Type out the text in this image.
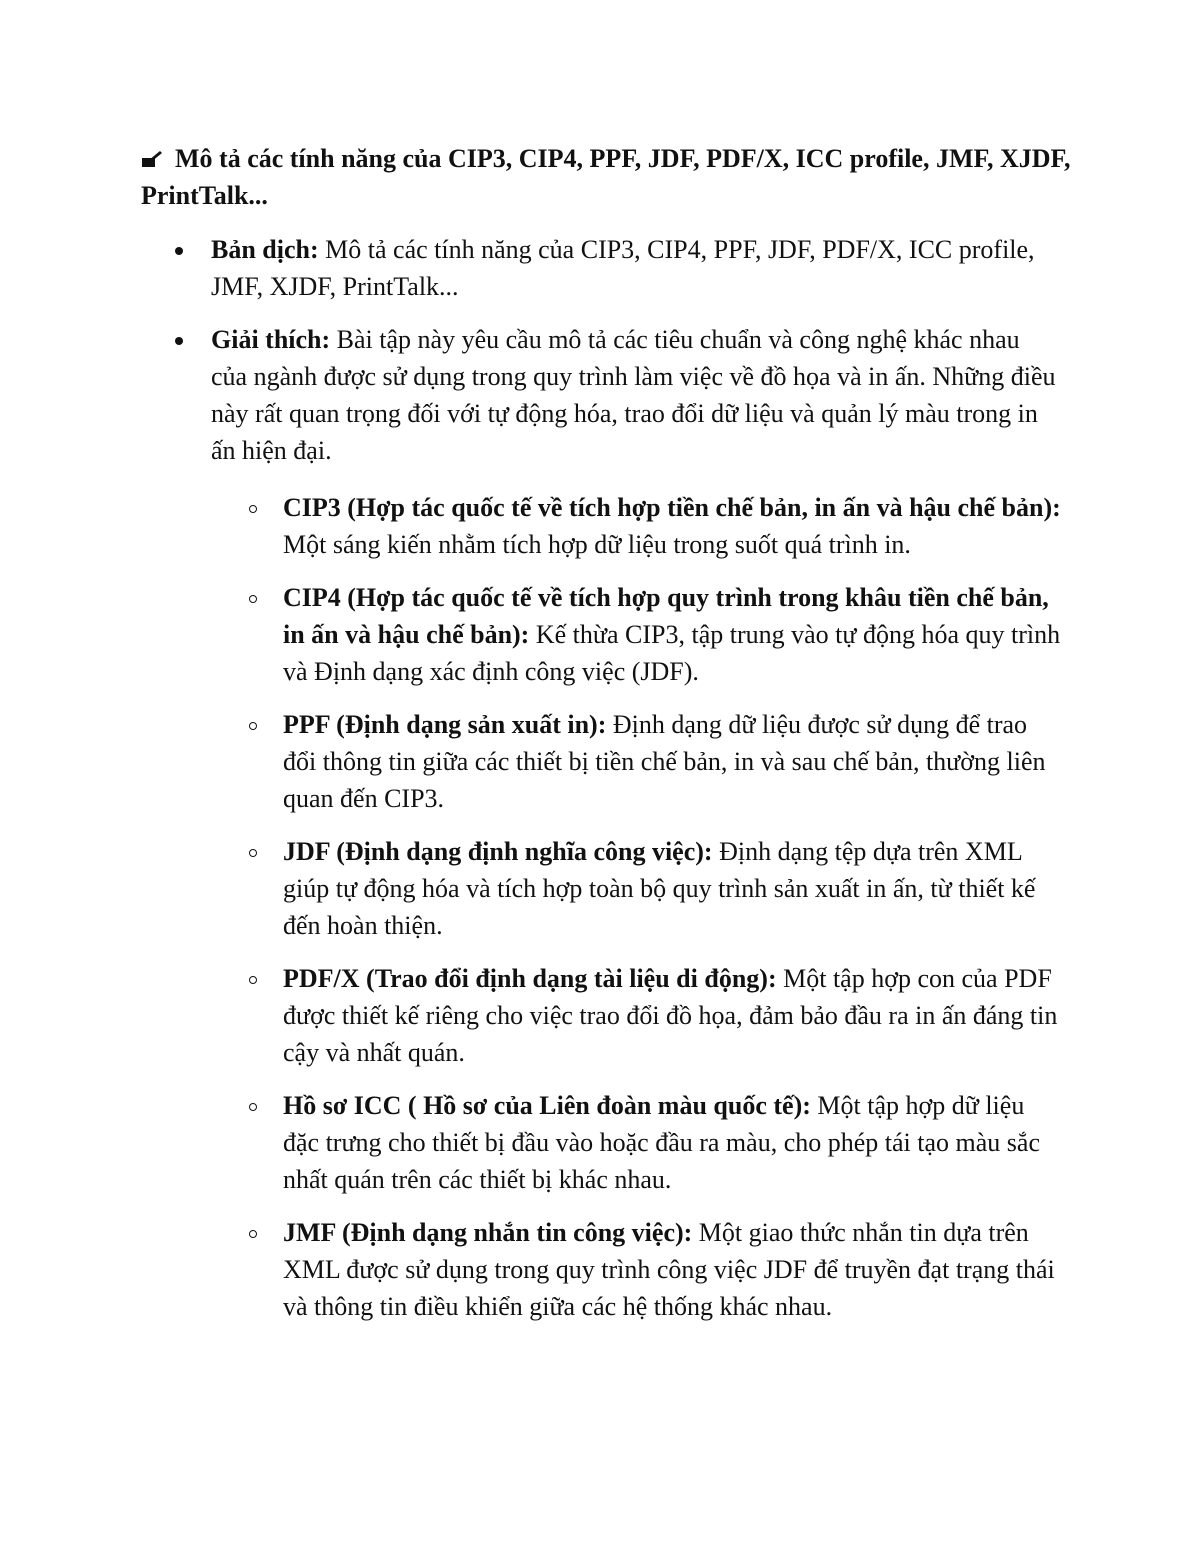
Mô tả các tính năng của CIP3, CIP4, PPF, JDF, PDF/X, ICC profile, JMF, XJDF, PrintTalk...
Bản dịch: Mô tả các tính năng của CIP3, CIP4, PPF, JDF, PDF/X, ICC profile, JMF, XJDF, PrintTalk...
Giải thích: Bài tập này yêu cầu mô tả các tiêu chuẩn và công nghệ khác nhau của ngành được sử dụng trong quy trình làm việc về đồ họa và in ấn. Những điều này rất quan trọng đối với tự động hóa, trao đổi dữ liệu và quản lý màu trong in ấn hiện đại.
CIP3 (Hợp tác quốc tế về tích hợp tiền chế bản, in ấn và hậu chế bản): Một sáng kiến nhằm tích hợp dữ liệu trong suốt quá trình in.
CIP4 (Hợp tác quốc tế về tích hợp quy trình trong khâu tiền chế bản, in ấn và hậu chế bản): Kế thừa CIP3, tập trung vào tự động hóa quy trình và Định dạng xác định công việc (JDF).
PPF (Định dạng sản xuất in): Định dạng dữ liệu được sử dụng để trao đổi thông tin giữa các thiết bị tiền chế bản, in và sau chế bản, thường liên quan đến CIP3.
JDF (Định dạng định nghĩa công việc): Định dạng tệp dựa trên XML giúp tự động hóa và tích hợp toàn bộ quy trình sản xuất in ấn, từ thiết kế đến hoàn thiện.
PDF/X (Trao đổi định dạng tài liệu di động): Một tập hợp con của PDF được thiết kế riêng cho việc trao đổi đồ họa, đảm bảo đầu ra in ấn đáng tin cậy và nhất quán.
Hồ sơ ICC ( Hồ sơ của Liên đoàn màu quốc tế): Một tập hợp dữ liệu đặc trưng cho thiết bị đầu vào hoặc đầu ra màu, cho phép tái tạo màu sắc nhất quán trên các thiết bị khác nhau.
JMF (Định dạng nhắn tin công việc): Một giao thức nhắn tin dựa trên XML được sử dụng trong quy trình công việc JDF để truyền đạt trạng thái và thông tin điều khiển giữa các hệ thống khác nhau.
